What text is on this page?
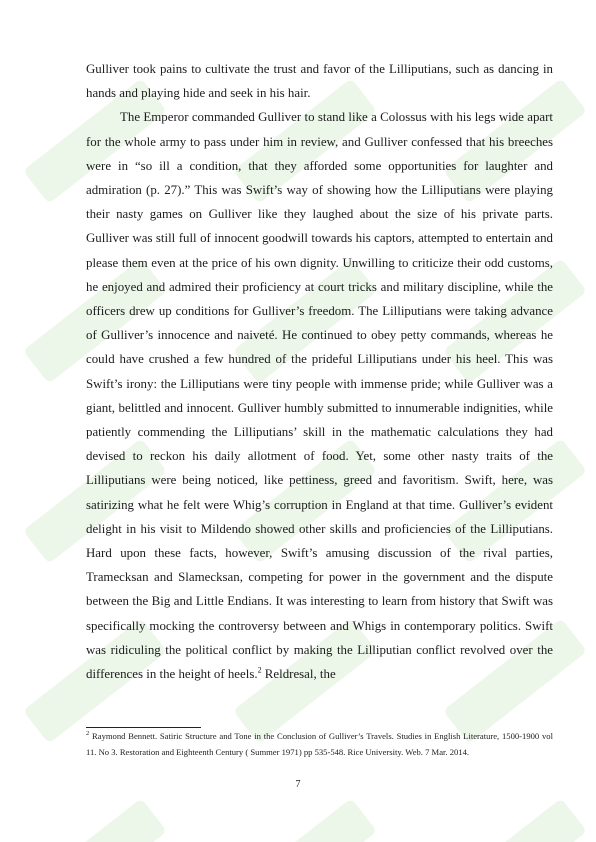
Gulliver took pains to cultivate the trust and favor of the Lilliputians, such as dancing in hands and playing hide and seek in his hair.

The Emperor commanded Gulliver to stand like a Colossus with his legs wide apart for the whole army to pass under him in review, and Gulliver confessed that his breeches were in “so ill a condition, that they afforded some opportunities for laughter and admiration (p. 27).” This was Swift’s way of showing how the Lilliputians were playing their nasty games on Gulliver like they laughed about the size of his private parts. Gulliver was still full of innocent goodwill towards his captors, attempted to entertain and please them even at the price of his own dignity. Unwilling to criticize their odd customs, he enjoyed and admired their proficiency at court tricks and military discipline, while the officers drew up conditions for Gulliver’s freedom. The Lilliputians were taking advance of Gulliver’s innocence and naiveté. He continued to obey petty commands, whereas he could have crushed a few hundred of the prideful Lilliputians under his heel. This was Swift’s irony: the Lilliputians were tiny people with immense pride; while Gulliver was a giant, belittled and innocent. Gulliver humbly submitted to innumerable indignities, while patiently commending the Lilliputians’ skill in the mathematic calculations they had devised to reckon his daily allotment of food. Yet, some other nasty traits of the Lilliputians were being noticed, like pettiness, greed and favoritism. Swift, here, was satirizing what he felt were Whig’s corruption in England at that time. Gulliver’s evident delight in his visit to Mildendo showed other skills and proficiencies of the Lilliputians. Hard upon these facts, however, Swift’s amusing discussion of the rival parties, Tramecksan and Slamecksan, competing for power in the government and the dispute between the Big and Little Endians. It was interesting to learn from history that Swift was specifically mocking the controversy between and Whigs in contemporary politics. Swift was ridiculing the political conflict by making the Lilliputian conflict revolved over the differences in the height of heels.$^2$ Reldresal, the

$^2$ Raymond Bennett. Satiric Structure and Tone in the Conclusion of Gulliver’s Travels. Studies in English Literature, 1500-1900 vol 11. No 3. Restoration and Eighteenth Century ( Summer 1971) pp 535-548. Rice University. Web. 7 Mar. 2014.

7
